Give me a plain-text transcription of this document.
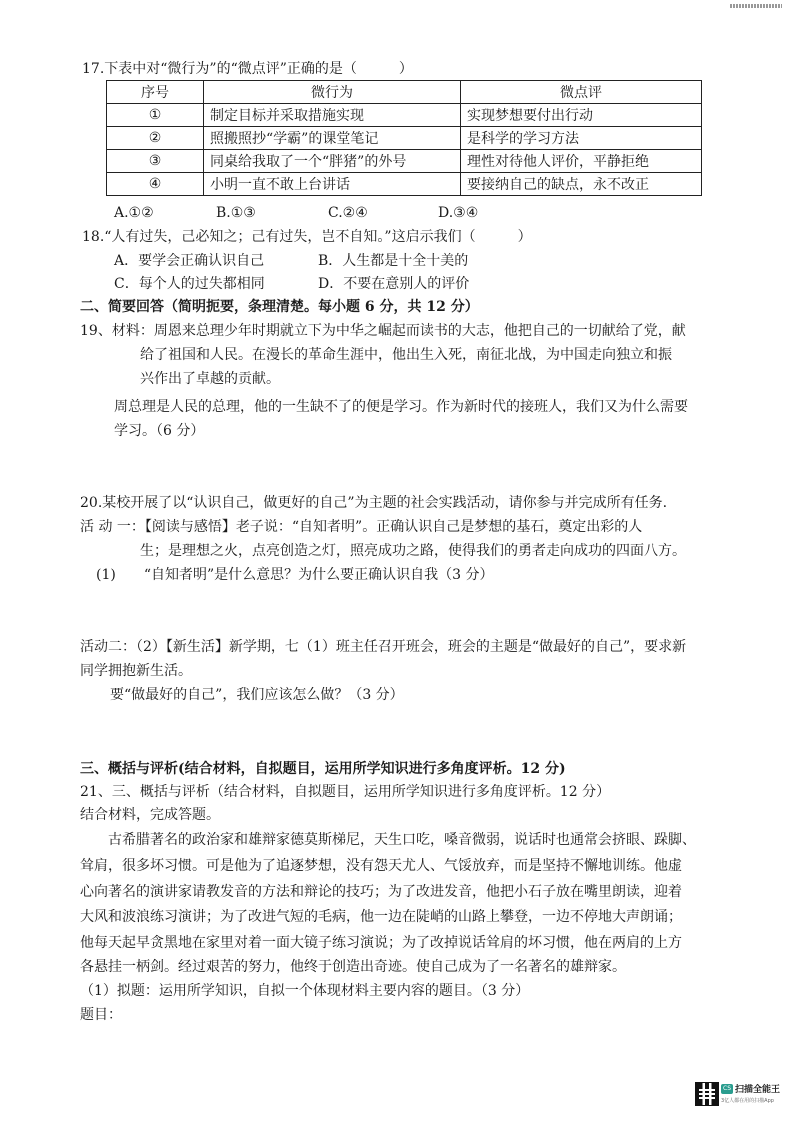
17.下表中对“微行为”的“微点评”正确的是（　　　）
序号	微行为	微点评
①	制定目标并采取措施实现	实现梦想要付出行动
②	照搬照抄“学霸”的课堂笔记	是科学的学习方法
③	同桌给我取了一个“胖猪”的外号	理性对待他人评价，平静拒绝
④	小明一直不敢上台讲话	要接纳自己的缺点，永不改正
A.①②	B.①③	C.②④	D.③④
18.“人有过失，己必知之；己有过失，岂不自知。”这启示我们（　　　）
A．要学会正确认识自己	B．人生都是十全十美的
C．每个人的过失都相同	D．不要在意别人的评价
二、简要回答（简明扼要，条理清楚。每小题 6 分，共 12 分）
19、材料：周恩来总理少年时期就立下为中华之崛起而读书的大志，他把自己的一切献给了党，献
给了祖国和人民。在漫长的革命生涯中，他出生入死，南征北战，为中国走向独立和振
兴作出了卓越的贡献。
周总理是人民的总理，他的一生缺不了的便是学习。作为新时代的接班人，我们又为什么需要
学习。（6 分）
20.某校开展了以“认识自己，做更好的自己”为主题的社会实践活动，请你参与并完成所有任务.
活 动 一：【阅读与感悟】老子说：“自知者明”。正确认识自己是梦想的基石，奠定出彩的人
生；是理想之火，点亮创造之灯，照亮成功之路，使得我们的勇者走向成功的四面八方。
(1)　　“自知者明”是什么意思？为什么要正确认识自我（3 分）
活动二：（2）【新生活】新学期，七（1）班主任召开班会，班会的主题是“做最好的自己”，要求新
同学拥抱新生活。
要“做最好的自己”，我们应该怎么做？（3 分）
三、概括与评析(结合材料，自拟题目，运用所学知识进行多角度评析。12 分)
21、三、概括与评析（结合材料，自拟题目，运用所学知识进行多角度评析。12 分）
结合材料，完成答题。
古希腊著名的政治家和雄辩家德莫斯梯尼，天生口吃，嗓音微弱，说话时也通常会挤眼、跺脚、
耸肩，很多坏习惯。可是他为了追逐梦想，没有怨天尤人、气馁放弃，而是坚持不懈地训练。他虚
心向著名的演讲家请教发音的方法和辩论的技巧；为了改进发音，他把小石子放在嘴里朗读，迎着
大风和波浪练习演讲；为了改进气短的毛病，他一边在陡峭的山路上攀登，一边不停地大声朗诵；
他每天起早贪黑地在家里对着一面大镜子练习演说；为了改掉说话耸肩的坏习惯，他在两肩的上方
各悬挂一柄剑。经过艰苦的努力，他终于创造出奇迹。使自己成为了一名著名的雄辩家。
（1）拟题：运用所学知识，自拟一个体现材料主要内容的题目。（3 分）
题目：
CS 扫描全能王
3亿人都在用的扫描App
